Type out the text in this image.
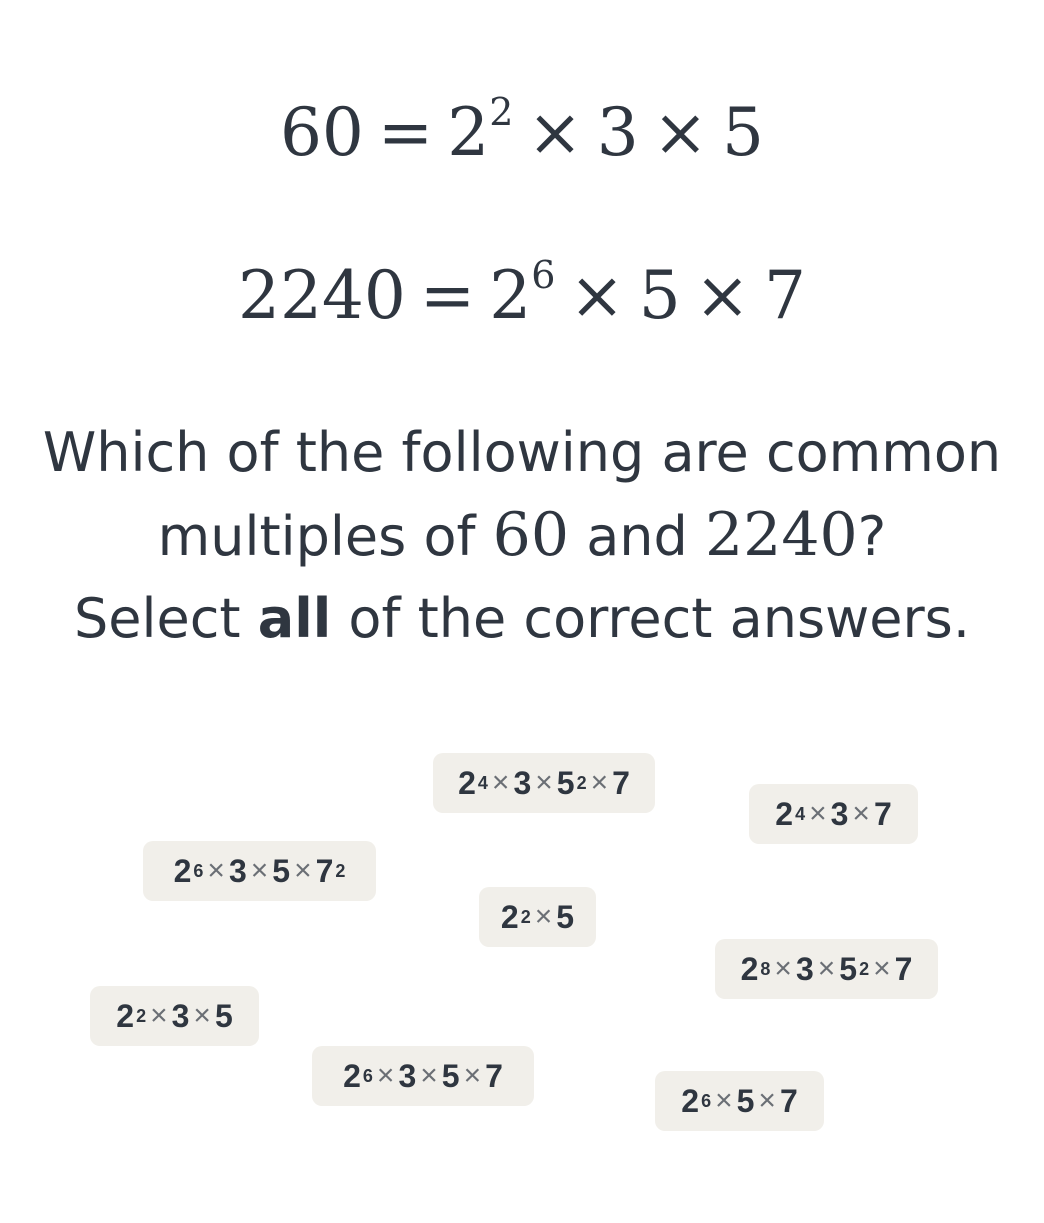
$60 = 2^2 \times 3 \times 5$
$2240 = 2^6 \times 5 \times 7$
Which of the following are common
multiples of 60 and 2240?
Select all of the correct answers.
2 4 × 3 × 5 2 × 7
2 4 × 3 × 7
2 6 × 3 × 5 × 7 2
2 2 × 5
2 8 × 3 × 5 2 × 7
2 2 × 3 × 5
2 6 × 3 × 5 × 7
2 6 × 5 × 7
